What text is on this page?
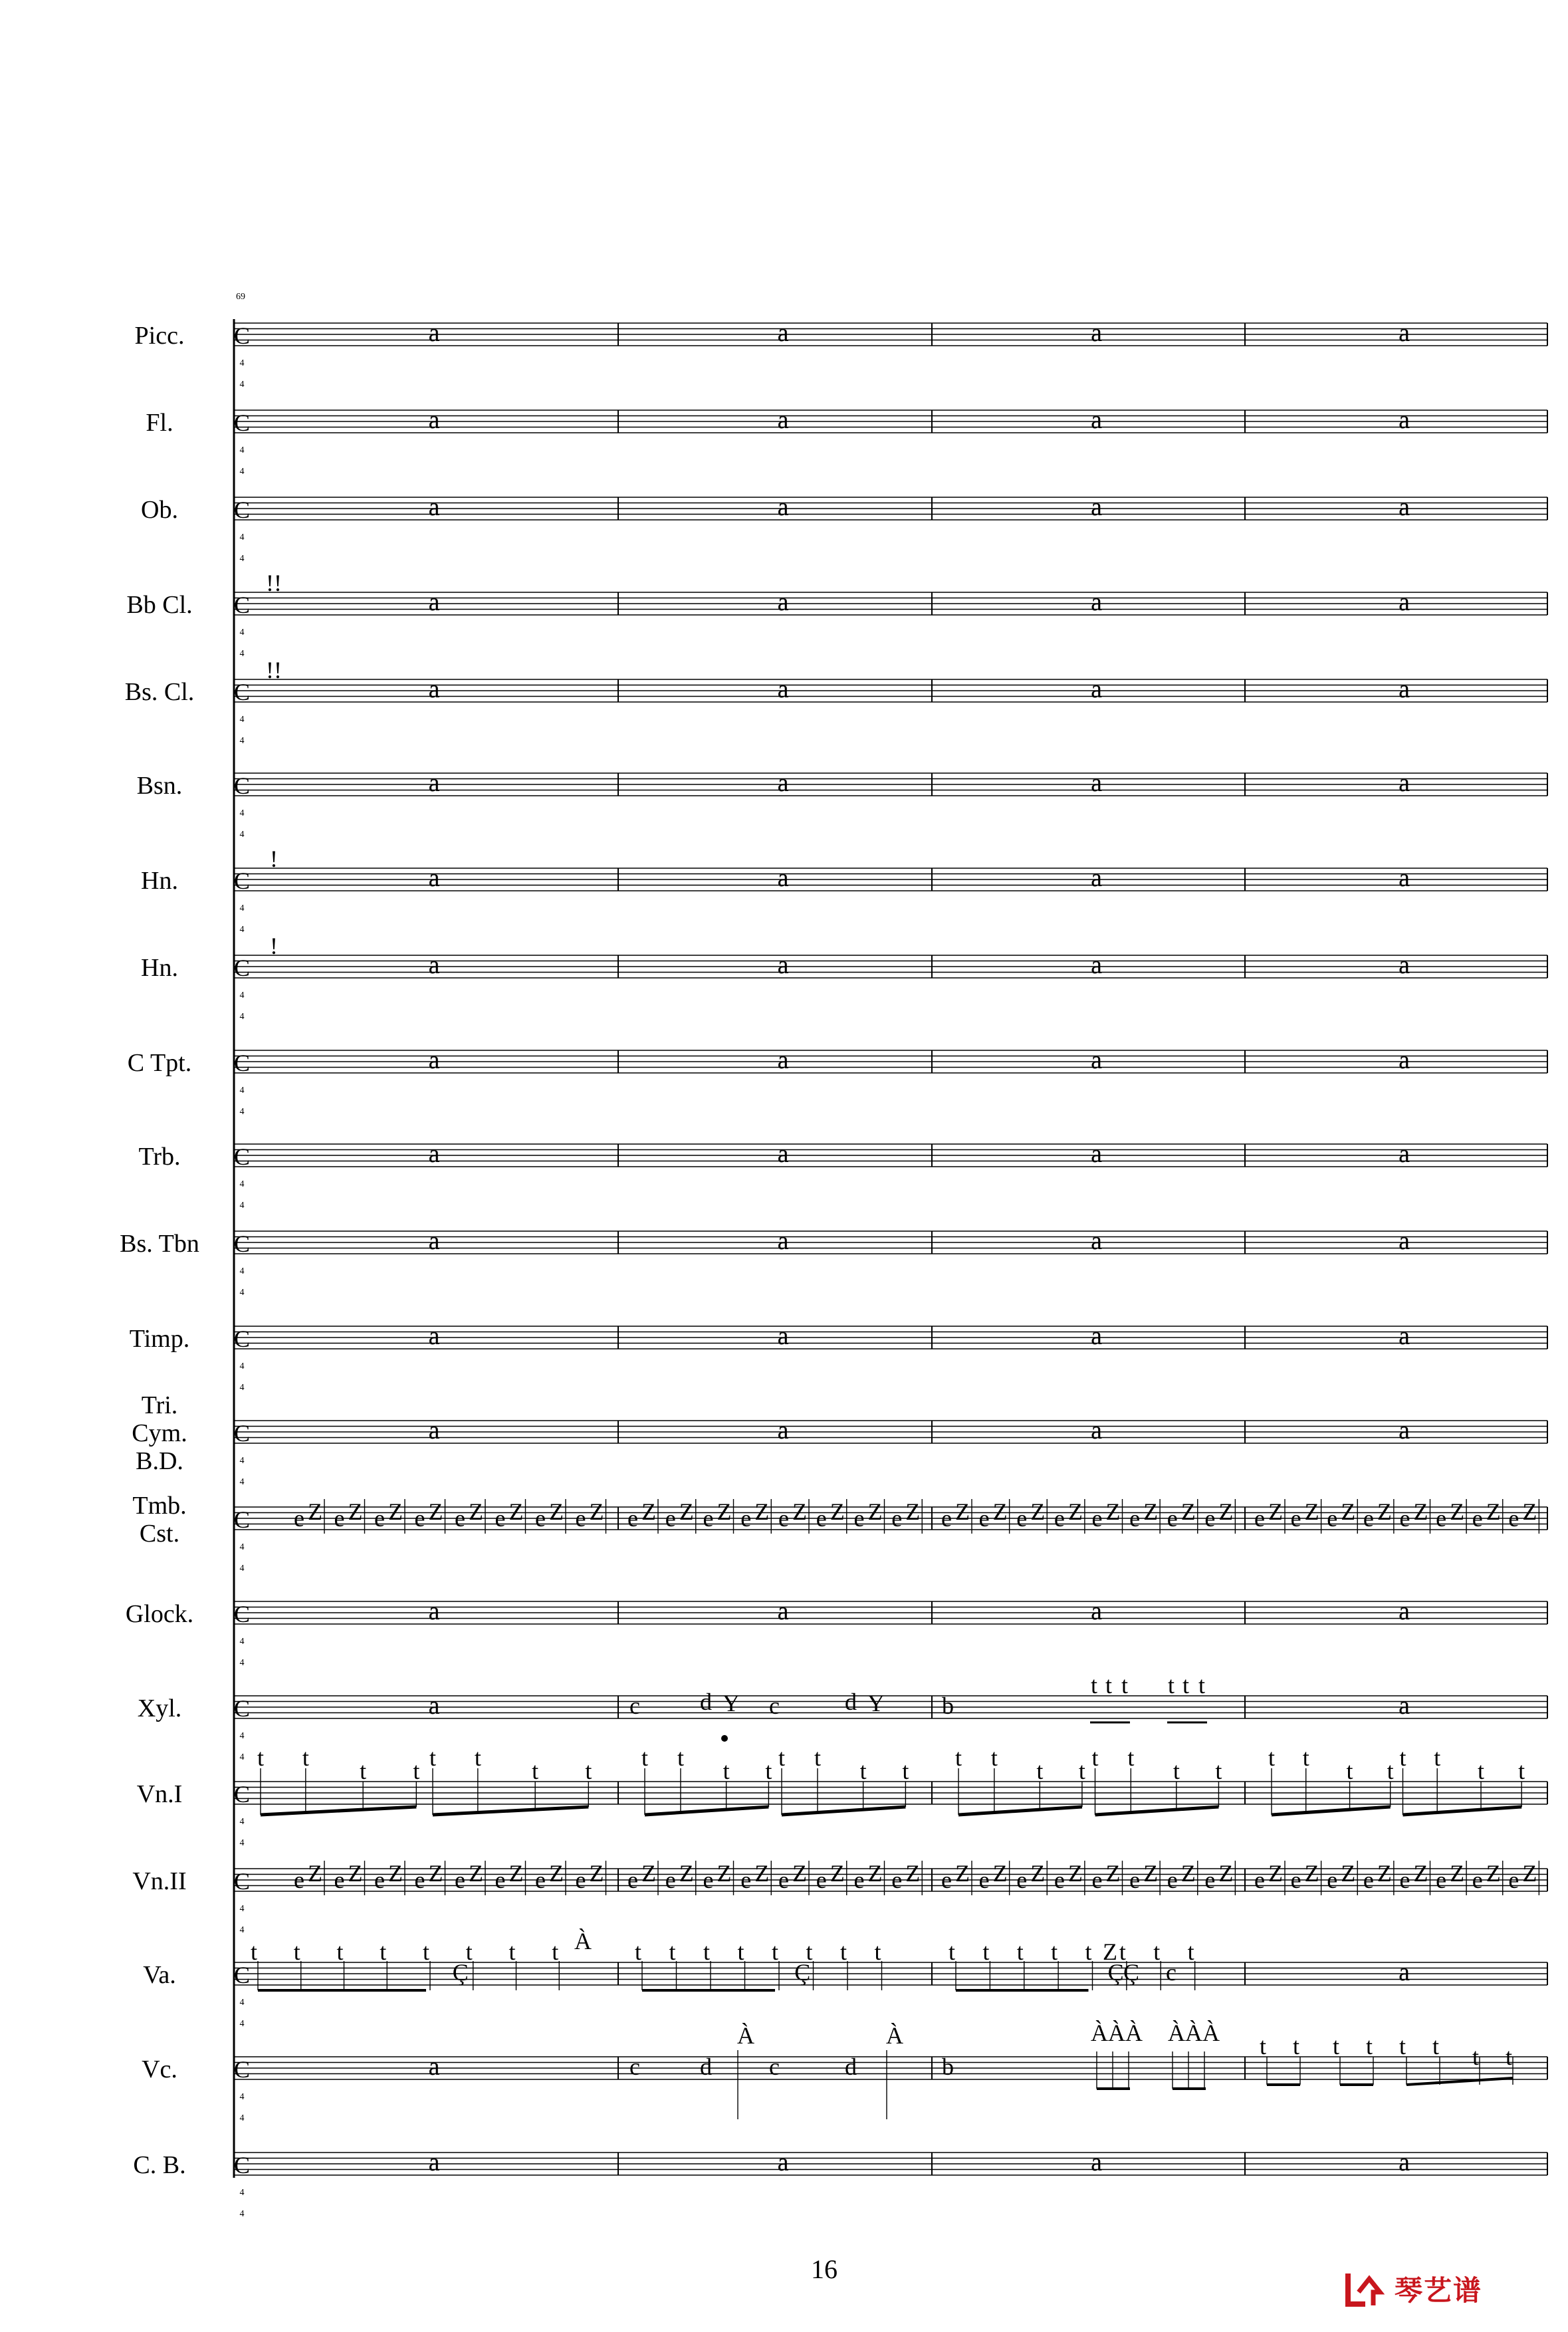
69
Picc. C
4
4
Fl.	C
4
4
Ob. C
4
4
Bb Cl. C
4
4
Bs. Cl. C
4
4
Bsn. C
4
4
Hn. C
4
4
Hn. C
4
4
C Tpt. C
4
4
Trb. C
4
4
Bs. Tbn C
4
4
Timp. C
4
4
Tri.
Cym.
B.D.
C
4
4
Tmb.
Cst. C
4
4
Glock. C
4
4
Xyl. C
4
4
Vn.I C
4
4
Vn.II C
4
4
Va. C
4
4
Vc. C
4
4
C. B. C
4
4
a	a	a	a
a	a	a	a
a	a	a	a
a	a	a	a
a	a	a	a
a	a	a	a
a	a	a	a
a	a	a	a
a	a	a	a
a	a	a	a
a	a	a	a
a	a	a	a
a	a	a	a
a	a	a	a
a	a	a	a
a	a
a
a
!!
!!
!
!
e Z e Z e Z e Z e Z e Z e Z e Z e Z e Z e Z e Z e Z e Z e Z e Z e Z e Z e Z e Z e Z e Z e Z e Z e Z e Z e Z e Z e Z e Z e Z e Z
e Z e Z e Z e Z e Z e Z e Z e Z e Z e Z e Z e Z e Z e Z e Z e Z e Z e Z e Z e Z e Z e Z e Z e Z e Z e Z e Z e Z e Z e Z e Z e Z
t t t t t t t t t t t t t t t t t t t t t t t t t t t t t t t t
t t t t t t t t
Ç
t t t t t t t t
Ç
t t t t t t t t
Ç
À	Z
Ç c
c	d Y c	d Y b
t t t t t t
c	d
À
c	d
À
b
ÀÀÀ ÀÀÀ t t t t t t t t
16
琴艺谱
